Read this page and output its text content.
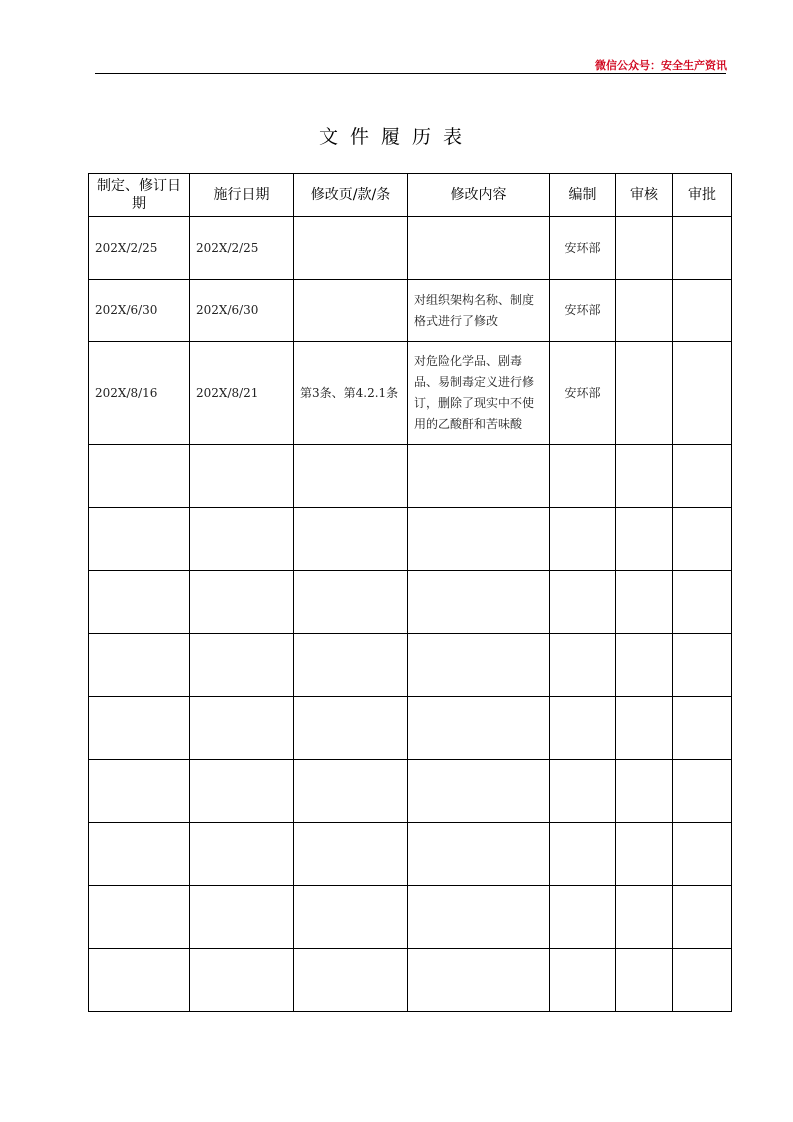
微信公众号：安全生产资讯
文件履历表
制定、修订日期	施行日期	修改页/款/条	修改内容	编制	审核	审批
202X/2/25	202X/2/25			安环部		
202X/6/30	202X/6/30		对组织架构名称、制度格式进行了修改	安环部		
202X/8/16	202X/8/21	第3条、第4.2.1条	对危险化学品、剧毒品、易制毒定义进行修订，删除了现实中不使用的乙酸酐和苦味酸	安环部		
